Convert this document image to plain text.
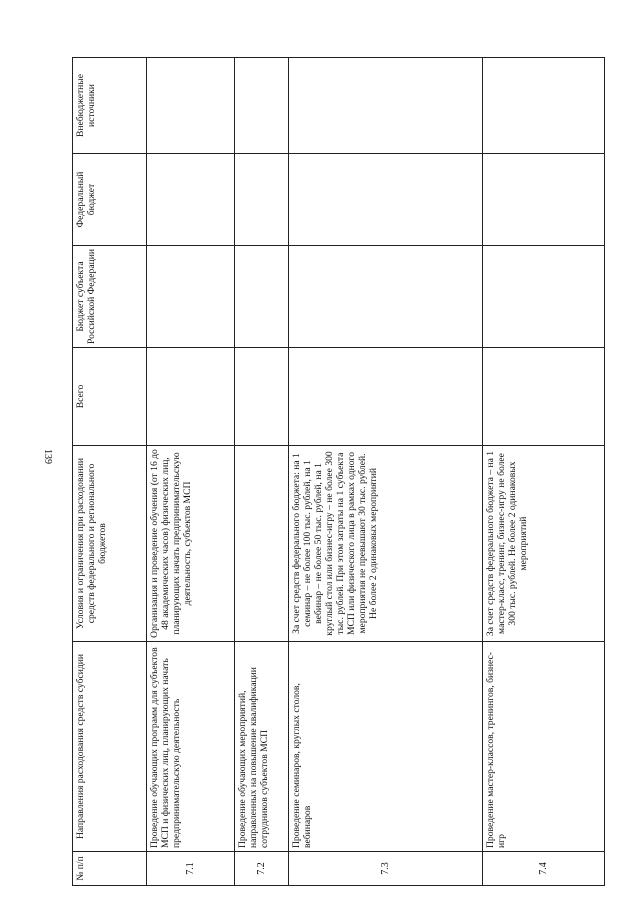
139
№ п/п	Направления расходования средств субсидии	Условия и ограничения при расходовании средств федерального и регионального бюджетов	Всего	Бюджет субъекта Российской Федерации	Федеральный бюджет	Внебюджетные источники
7.1	Проведение обучающих программ для субъектов МСП и физических лиц, планирующих начать предпринимательскую деятельность	Организация и проведение обучения (от 16 до 48 академических часов) физических лиц, планирующих начать предпринимательскую деятельность, субъектов МСП				
7.2	Проведение обучающих мероприятий, направленных на повышение квалификации сотрудников субъектов МСП					
7.3	Проведение семинаров, круглых столов, вебинаров	За счет средств федерального бюджета: на 1 семинар – не более 100 тыс. рублей, на 1 вебинар – не более 50 тыс. рублей, на 1 круглый стол или бизнес-игру – не более 300 тыс. рублей. При этом затраты на 1 субъекта МСП или физического лица в рамках одного мероприятия не превышают 30 тыс. рублей. Не более 2 одинаковых мероприятий				
7.4	Проведение мастер-классов, тренингов, бизнес-игр	За счет средств федерального бюджета – на 1 мастер-класс, тренинг, бизнес-игру не более 300 тыс. рублей. Не более 2 одинаковых мероприятий				
